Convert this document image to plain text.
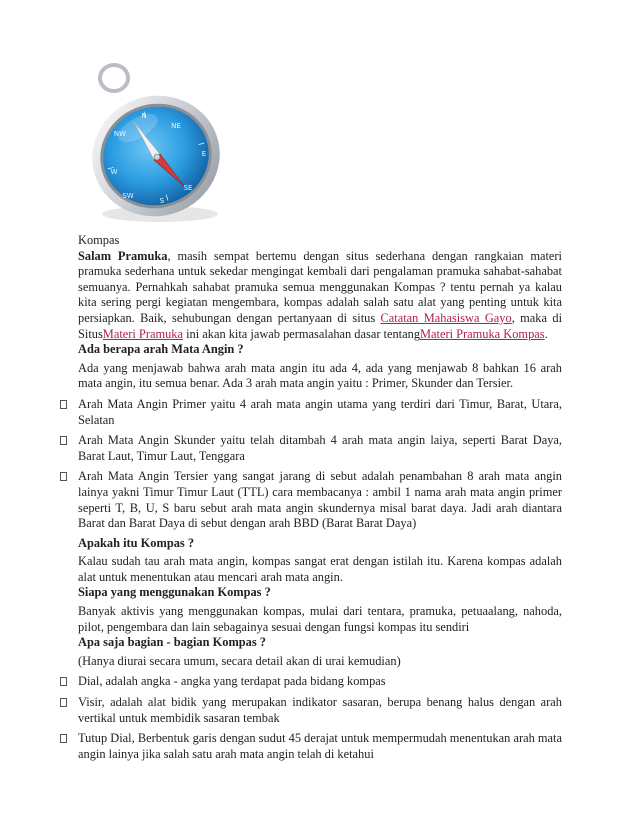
NE
E
W
SW
N
SE
S
NW

Kompas

Salam Pramuka, masih sempat bertemu dengan situs sederhana dengan rangkaian materi pramuka sederhana untuk sekedar mengingat kembali dari pengalaman pramuka sahabat-sahabat semuanya. Pernahkah sahabat pramuka semua menggunakan Kompas ? tentu pernah ya kalau kita sering pergi kegiatan mengembara, kompas adalah salah satu alat yang penting untuk kita persiapkan. Baik, sehubungan dengan pertanyaan di situs Catatan Mahasiswa Gayo, maka di SitusMateri Pramuka ini akan kita jawab permasalahan dasar tentangMateri Pramuka Kompas.

Ada berapa arah Mata Angin ?

Ada yang menjawab bahwa arah mata angin itu ada 4, ada yang menjawab 8 bahkan 16 arah mata angin, itu semua benar. Ada 3 arah mata angin yaitu : Primer, Skunder dan Tersier.

Arah Mata Angin Primer yaitu 4 arah mata angin utama yang terdiri dari Timur, Barat, Utara, Selatan
Arah Mata Angin Skunder yaitu telah ditambah 4 arah mata angin laiya, seperti Barat Daya, Barat Laut, Timur Laut, Tenggara
Arah Mata Angin Tersier yang sangat jarang di sebut adalah penambahan 8 arah mata angin lainya yakni Timur Timur Laut (TTL) cara membacanya : ambil 1 nama arah mata angin primer seperti T, B, U, S baru sebut arah mata angin skundernya misal barat daya. Jadi arah diantara Barat dan Barat Daya di sebut dengan arah BBD (Barat Barat Daya)

Apakah itu Kompas ?

Kalau sudah tau arah mata angin, kompas sangat erat dengan istilah itu. Karena kompas adalah alat untuk menentukan atau mencari arah mata angin.

Siapa yang menggunakan Kompas ?

Banyak aktivis yang menggunakan kompas, mulai dari tentara, pramuka, petuaalang, nahoda, pilot, pengembara dan lain sebagainya sesuai dengan fungsi kompas itu sendiri

Apa saja bagian - bagian Kompas ?

(Hanya diurai secara umum, secara detail akan di urai kemudian)

Dial, adalah angka - angka yang terdapat pada bidang kompas
Visir, adalah alat bidik yang merupakan indikator sasaran, berupa benang halus dengan arah vertikal untuk membidik sasaran tembak
Tutup Dial, Berbentuk garis dengan sudut 45 derajat untuk mempermudah menentukan arah mata angin lainya jika salah satu arah mata angin telah di ketahui
